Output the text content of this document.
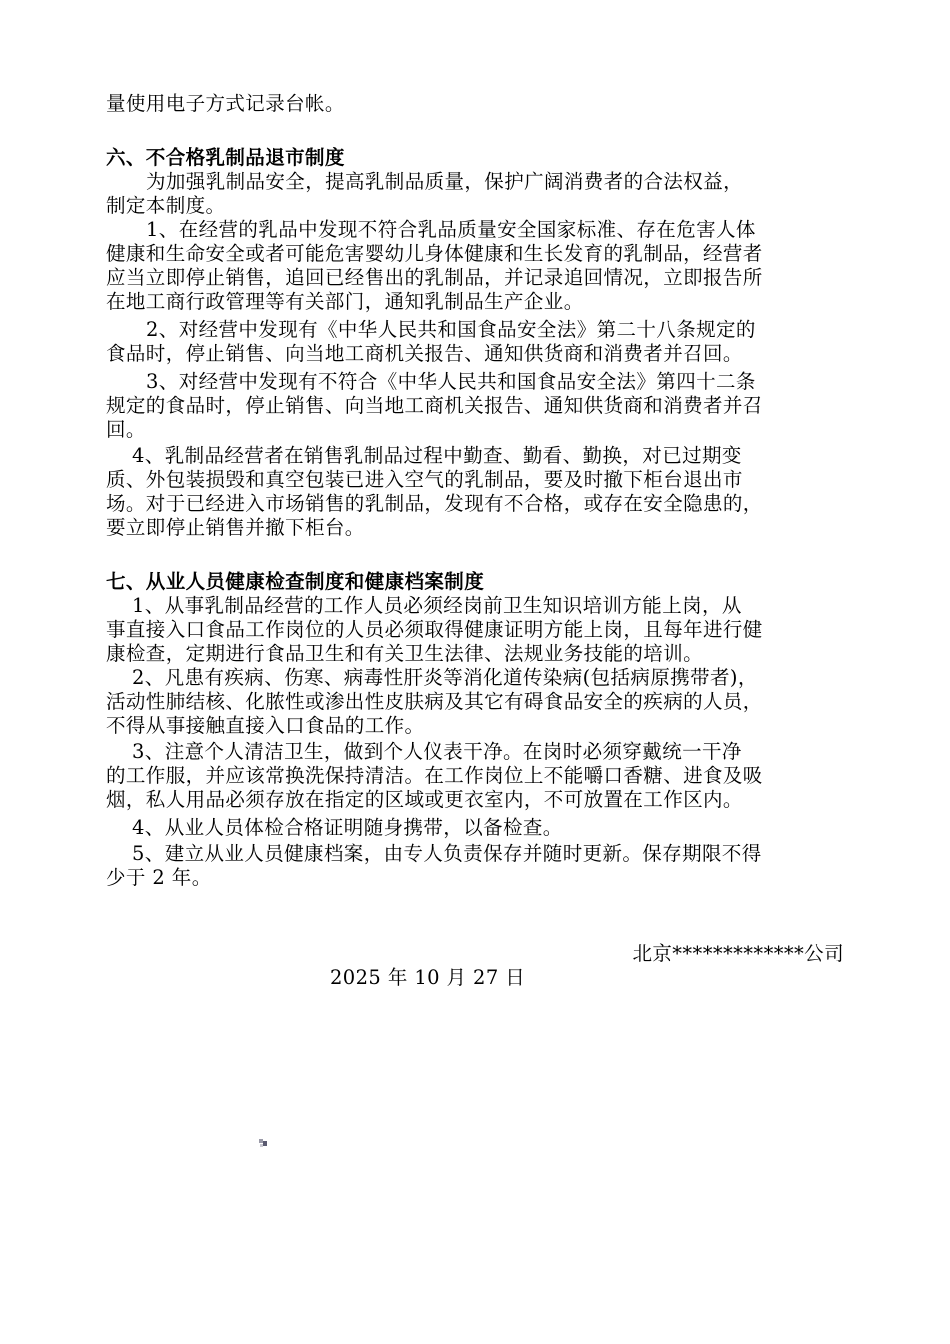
量使用电子方式记录台帐。
六、不合格乳制品退市制度
为加强乳制品安全，提高乳制品质量，保护广阔消费者的合法权益，
制定本制度。
1、在经营的乳品中发现不符合乳品质量安全国家标准、存在危害人体
健康和生命安全或者可能危害婴幼儿身体健康和生长发育的乳制品，经营者
应当立即停止销售，追回已经售出的乳制品，并记录追回情况，立即报告所
在地工商行政管理等有关部门，通知乳制品生产企业。
2、对经营中发现有《中华人民共和国食品安全法》第二十八条规定的
食品时，停止销售、向当地工商机关报告、通知供货商和消费者并召回。
3、对经营中发现有不符合《中华人民共和国食品安全法》第四十二条
规定的食品时，停止销售、向当地工商机关报告、通知供货商和消费者并召
回。
4、乳制品经营者在销售乳制品过程中勤查、勤看、勤换，对已过期变
质、外包装损毁和真空包装已进入空气的乳制品，要及时撤下柜台退出市
场。对于已经进入市场销售的乳制品，发现有不合格，或存在安全隐患的，
要立即停止销售并撤下柜台。
七、从业人员健康检查制度和健康档案制度
1、从事乳制品经营的工作人员必须经岗前卫生知识培训方能上岗，从
事直接入口食品工作岗位的人员必须取得健康证明方能上岗，且每年进行健
康检查，定期进行食品卫生和有关卫生法律、法规业务技能的培训。
2、凡患有疾病、伤寒、病毒性肝炎等消化道传染病(包括病原携带者)，
活动性肺结核、化脓性或渗出性皮肤病及其它有碍食品安全的疾病的人员，
不得从事接触直接入口食品的工作。
3、注意个人清洁卫生，做到个人仪表干净。在岗时必须穿戴统一干净
的工作服，并应该常换洗保持清洁。在工作岗位上不能嚼口香糖、进食及吸
烟，私人用品必须存放在指定的区域或更衣室内，不可放置在工作区内。
4、从业人员体检合格证明随身携带，以备检查。
5、建立从业人员健康档案，由专人负责保存并随时更新。保存期限不得
少于 2 年。
北京*************公司
2025 年 10 月 27 日
